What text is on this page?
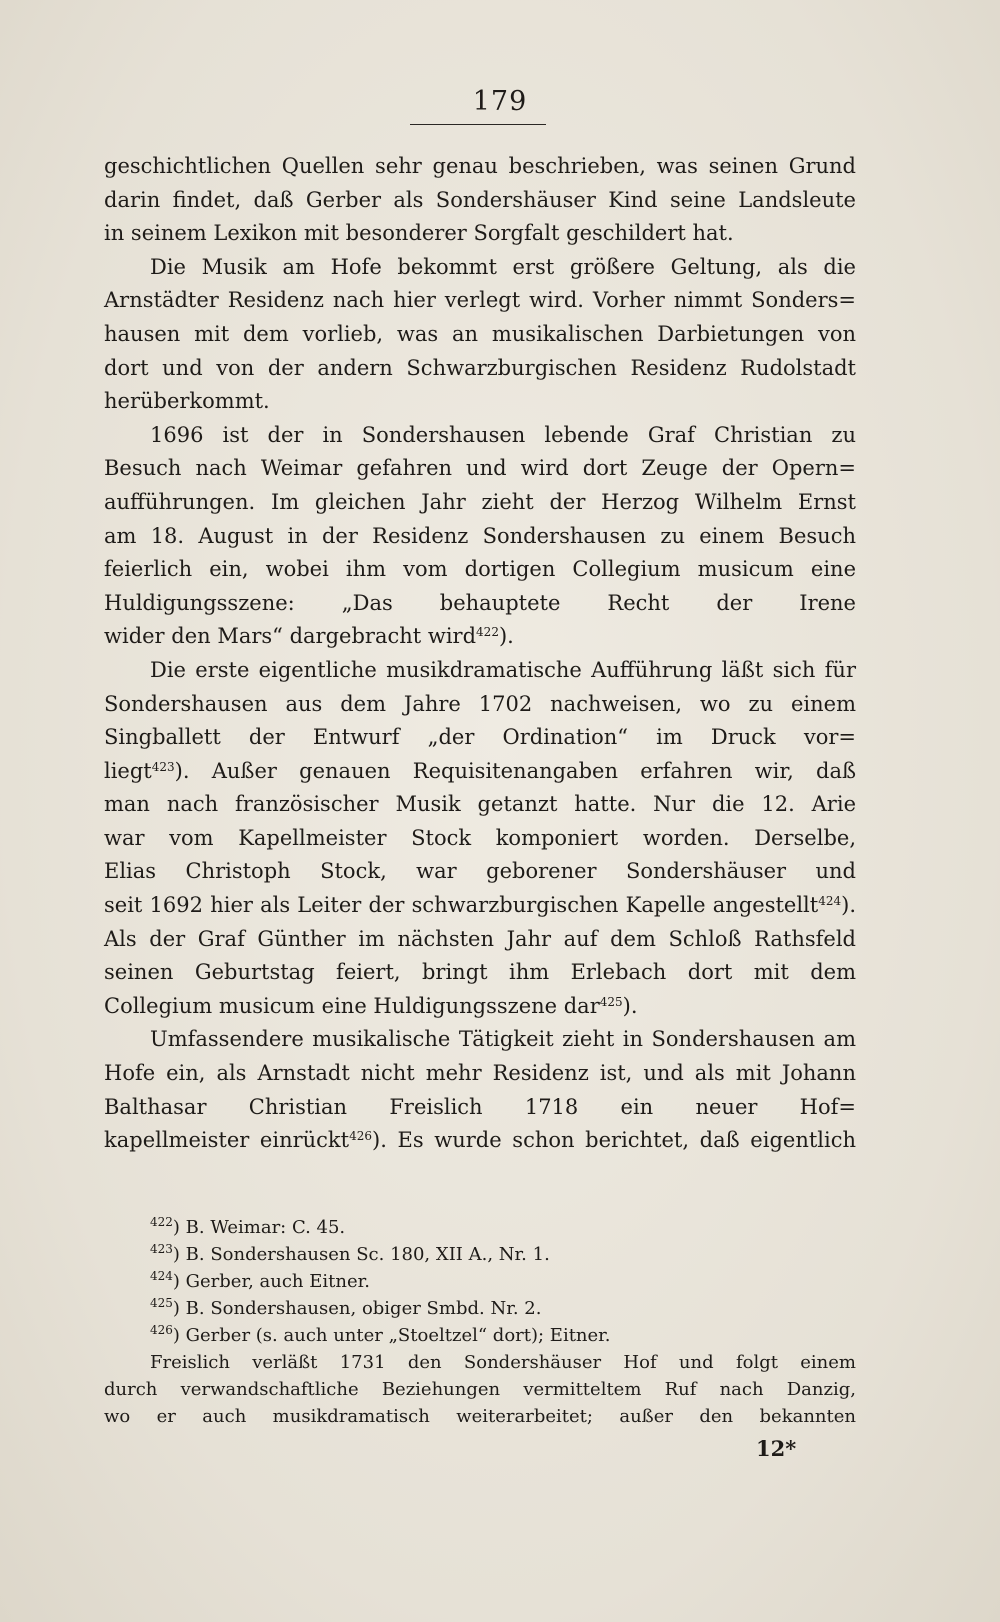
179
geschichtlichen Quellen sehr genau beschrieben, was seinen Grund
darin findet, daß Gerber als Sondershäuser Kind seine Landsleute
in seinem Lexikon mit besonderer Sorgfalt geschildert hat.
Die Musik am Hofe bekommt erst größere Geltung, als die
Arnstädter Residenz nach hier verlegt wird. Vorher nimmt Sonders=
hausen mit dem vorlieb, was an musikalischen Darbietungen von
dort und von der andern Schwarzburgischen Residenz Rudolstadt
herüberkommt.
1696 ist der in Sondershausen lebende Graf Christian zu
Besuch nach Weimar gefahren und wird dort Zeuge der Opern=
aufführungen. Im gleichen Jahr zieht der Herzog Wilhelm Ernst
am 18. August in der Residenz Sondershausen zu einem Besuch
feierlich ein, wobei ihm vom dortigen Collegium musicum eine
Huldigungsszene: „Das behauptete Recht der Irene
wider den Mars“ dargebracht wird$^{422}$).
Die erste eigentliche musikdramatische Aufführung läßt sich für
Sondershausen aus dem Jahre 1702 nachweisen, wo zu einem
Singballett der Entwurf „der Ordination“ im Druck vor=
liegt$^{423}$). Außer genauen Requisitenangaben erfahren wir, daß
man nach französischer Musik getanzt hatte. Nur die 12. Arie
war vom Kapellmeister Stock komponiert worden. Derselbe,
Elias Christoph Stock, war geborener Sondershäuser und
seit 1692 hier als Leiter der schwarzburgischen Kapelle angestellt$^{424}$).
Als der Graf Günther im nächsten Jahr auf dem Schloß Rathsfeld
seinen Geburtstag feiert, bringt ihm Erlebach dort mit dem
Collegium musicum eine Huldigungsszene dar$^{425}$).
Umfassendere musikalische Tätigkeit zieht in Sondershausen am
Hofe ein, als Arnstadt nicht mehr Residenz ist, und als mit Johann
Balthasar Christian Freislich 1718 ein neuer Hof=
kapellmeister einrückt$^{426}$). Es wurde schon berichtet, daß eigentlich
$^{422}$) B. Weimar: C. 45.
$^{423}$) B. Sondershausen Sc. 180, XII A., Nr. 1.
$^{424}$) Gerber, auch Eitner.
$^{425}$) B. Sondershausen, obiger Smbd. Nr. 2.
$^{426}$) Gerber (s. auch unter „Stoeltzel“ dort); Eitner.
Freislich verläßt 1731 den Sondershäuser Hof und folgt einem
durch verwandschaftliche Beziehungen vermitteltem Ruf nach Danzig,
wo er auch musikdramatisch weiterarbeitet; außer den bekannten
12*
